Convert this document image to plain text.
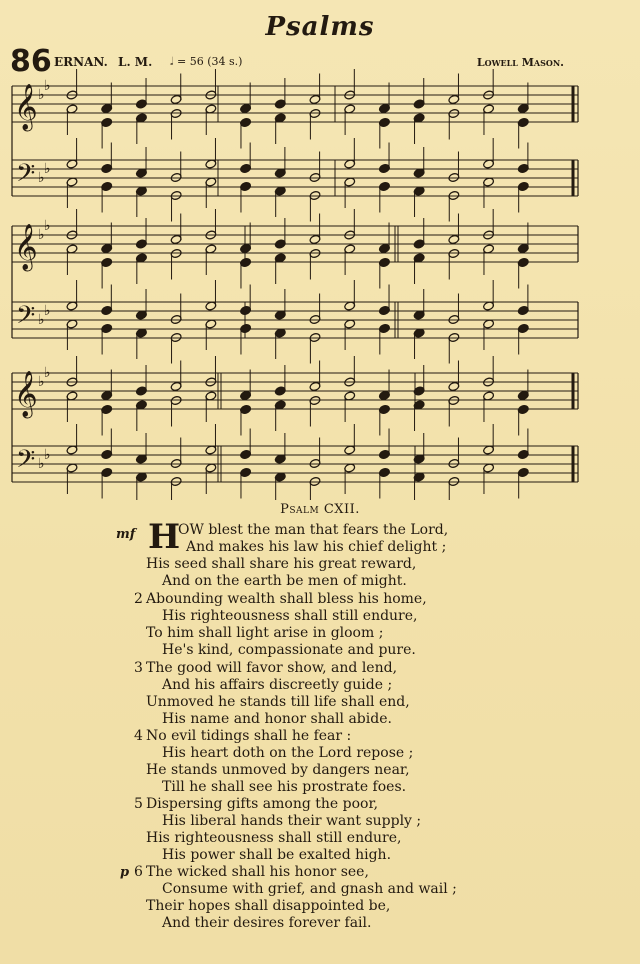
Psalms
86 ERNAN. L. M. 𝅗𝅥 = 56 (34 s.)	Lowell Mason.
𝄞
𝄢
♭
♭
♭
♭
𝄞
𝄢
♭
♭
♭
♭
𝄞
𝄢
♭
♭
♭
♭
Psalm CXII.
mf H
OW blest the man that fears the Lord,
And makes his law his chief delight ;
His seed shall share his great reward,
And on the earth be men of might.
2 Abounding wealth shall bless his home,
His righteousness shall still endure,
To him shall light arise in gloom ;
He's kind, compassionate and pure.
3 The good will favor show, and lend,
And his affairs discreetly guide ;
Unmoved he stands till life shall end,
His name and honor shall abide.
4 No evil tidings shall he fear :
His heart doth on the Lord repose ;
He stands unmoved by dangers near,
Till he shall see his prostrate foes.
5 Dispersing gifts among the poor,
His liberal hands their want supply ;
His righteousness shall still endure,
His power shall be exalted high.
p 6 The wicked shall his honor see,
Consume with grief, and gnash and wail ;
Their hopes shall disappointed be,
And their desires forever fail.
